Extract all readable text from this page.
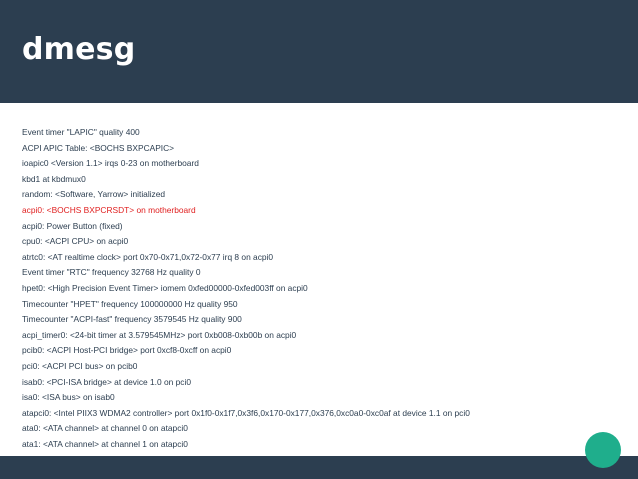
dmesg
Event timer "LAPIC" quality 400
ACPI APIC Table: <BOCHS BXPCAPIC>
ioapic0 <Version 1.1> irqs 0-23 on motherboard
kbd1 at kbdmux0
random: <Software, Yarrow> initialized
acpi0: <BOCHS BXPCRSDT> on motherboard
acpi0: Power Button (fixed)
cpu0: <ACPI CPU> on acpi0
atrtc0: <AT realtime clock> port 0x70-0x71,0x72-0x77 irq 8 on acpi0
Event timer "RTC" frequency 32768 Hz quality 0
hpet0: <High Precision Event Timer> iomem 0xfed00000-0xfed003ff on acpi0
Timecounter "HPET" frequency 100000000 Hz quality 950
Timecounter "ACPI-fast" frequency 3579545 Hz quality 900
acpi_timer0: <24-bit timer at 3.579545MHz> port 0xb008-0xb00b on acpi0
pcib0: <ACPI Host-PCI bridge> port 0xcf8-0xcff on acpi0
pci0: <ACPI PCI bus> on pcib0
isab0: <PCI-ISA bridge> at device 1.0 on pci0
isa0: <ISA bus> on isab0
atapci0: <Intel PIIX3 WDMA2 controller> port 0x1f0-0x1f7,0x3f6,0x170-0x177,0x376,0xc0a0-0xc0af at device 1.1 on pci0
ata0: <ATA channel> at channel 0 on atapci0
ata1: <ATA channel> at channel 1 on atapci0
